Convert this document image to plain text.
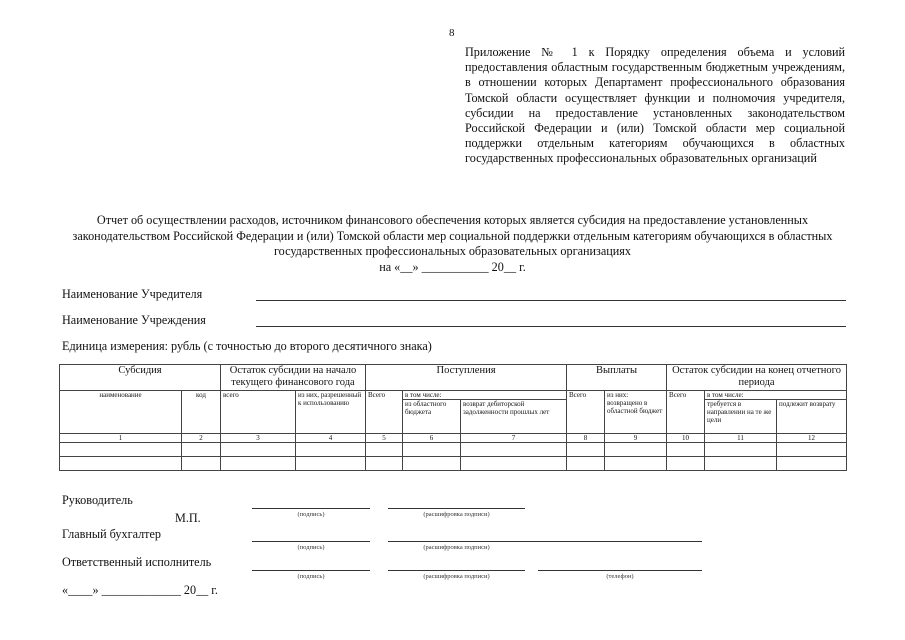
8
Приложение № 1 к Порядку определения объема и условий предоставления областным государственным бюджетным учреждениям, в отношении которых Департамент профессионального образования Томской области осуществляет функции и полномочия учредителя, субсидии на предоставление установленных законодательством Российской Федерации и (или) Томской области мер социальной поддержки отдельным категориям обучающихся в областных государственных профессиональных образовательных организаций
Отчет об осуществлении расходов, источником финансового обеспечения которых является субсидия на предоставление установленных законодательством Российской Федерации и (или) Томской области мер социальной поддержки отдельным категориям обучающихся в областных государственных профессиональных образовательных организациях
на «__» ___________ 20__ г.
Наименование Учредителя
Наименование Учреждения
Единица измерения: рубль (с точностью до второго десятичного знака)
Субсидия		Остаток субсидии на начало текущего финансового года		Поступления			Выплаты		Остаток субсидии на конец отчетного периода		
наименование	код	всего	из них, разрешенный к использованию	Всего	в том числе:		Всего	из них: возвращено в областной бюджет	Всего	в том числе:	
					из областного бюджета	возврат дебиторской задолженности прошлых лет				требуется в направлении на те же цели	подлежит возврату
1	2	3	4	5	6	7	8	9	10	11	12

Руководитель
М.П.	(подпись)	(расшифровка подписи)
Главный бухгалтер
(подпись)	(расшифровка подписи)
Ответственный исполнитель
(подпись)	(расшифровка подписи)	(телефон)
«____» _____________ 20__ г.
